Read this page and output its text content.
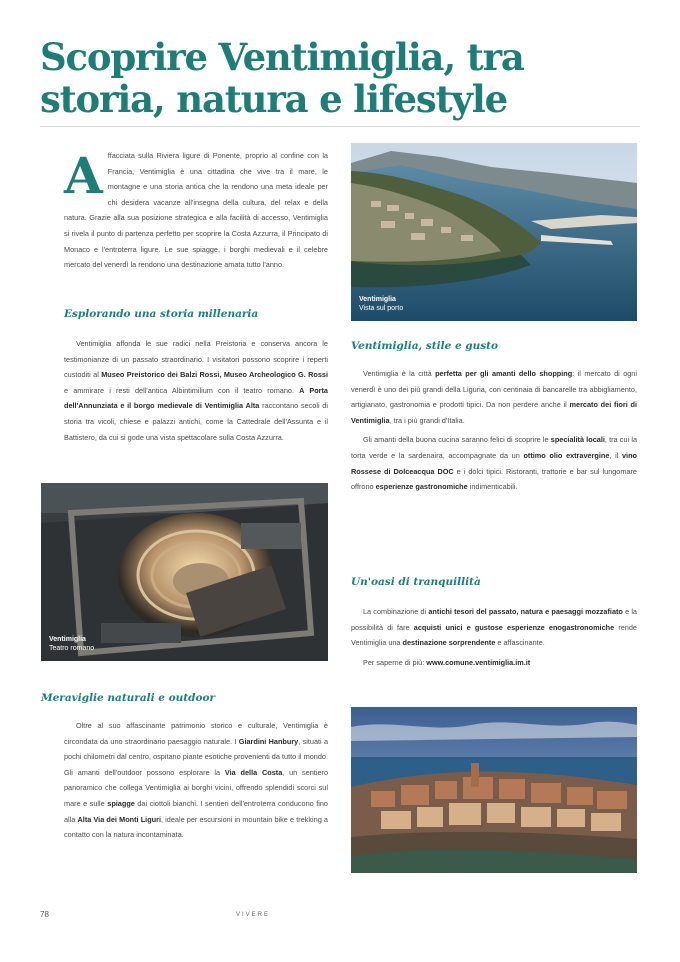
Scoprire Ventimiglia, tra storia, natura e lifestyle
A ffacciata sulla Riviera ligure di Ponente, proprio al confine con la Francia, Ventimiglia è una cittadina che vive tra il mare, le montagne e una storia antica che la rendono una meta ideale per chi desidera vacanze all'insegna della cultura, del relax e della natura. Grazie alla sua posizione strategica e alla facilità di accesso, Ventimiglia si rivela il punto di partenza perfetto per scoprire la Costa Azzurra, il Principato di Monaco e l'entroterra ligure. Le sue spiagge, i borghi medievali e il celebre mercato del venerdì la rendono una destinazione amata tutto l'anno.
Esplorando una storia millenaria

Ventimiglia affonda le sue radici nella Preistoria e conserva ancora le testimonianze di un passato straordinario. I visitatori possono scoprire i reperti custoditi al Museo Preistorico dei Balzi Rossi, Museo Archeologico G. Rossi e ammirare i resti dell'antica Albintimilium con il teatro romano. A Porta dell'Annunziata e il borgo medievale di Ventimiglia Alta raccontano secoli di storia tra vicoli, chiese e palazzi antichi, come la Cattedrale dell'Assunta e il Battistero, da cui si gode una vista spettacolare sulla Costa Azzurra.

Ventimiglia
Vista sul porto
Ventimiglia, stile e gusto

Ventimiglia è la città perfetta per gli amanti dello shopping: il mercato di ogni venerdì è uno dei più grandi della Liguria, con centinaia di bancarelle tra abbigliamento, artigianato, gastronomia e prodotti tipici. Da non perdere anche il mercato dei fiori di Ventimiglia, tra i più grandi d'Italia.

Gli amanti della buona cucina saranno felici di scoprire le specialità locali, tra cui la torta verde e la sardenaira, accompagnate da un ottimo olio extravergine, il vino Rossese di Dolceacqua DOC e i dolci tipici. Ristoranti, trattorie e bar sul lungomare offrono esperienze gastronomiche indimenticabili.

Ventimiglia
Teatro romano
Un'oasi di tranquillità

La combinazione di antichi tesori del passato, natura e paesaggi mozzafiato e la possibilità di fare acquisti unici e gustose esperienze enogastronomiche rende Ventimiglia una destinazione sorprendente e affascinante.

Per saperne di più: www.comune.ventimiglia.im.it

Meraviglie naturali e outdoor

Oltre al suo affascinante patrimonio storico e culturale, Ventimiglia è circondata da uno straordinario paesaggio naturale. I Giardini Hanbury, situati a pochi chilometri dal centro, ospitano piante esotiche provenienti da tutto il mondo. Gli amanti dell'outdoor possono esplorare la Via della Costa, un sentiero panoramico che collega Ventimiglia ai borghi vicini, offrendo splendidi scorci sul mare e sulle spiagge dai ciottoli bianchi. I sentieri dell'entroterra conducono fino alla Alta Via dei Monti Liguri, ideale per escursioni in mountain bike e trekking a contatto con la natura incontaminata.

78	VIVERE
